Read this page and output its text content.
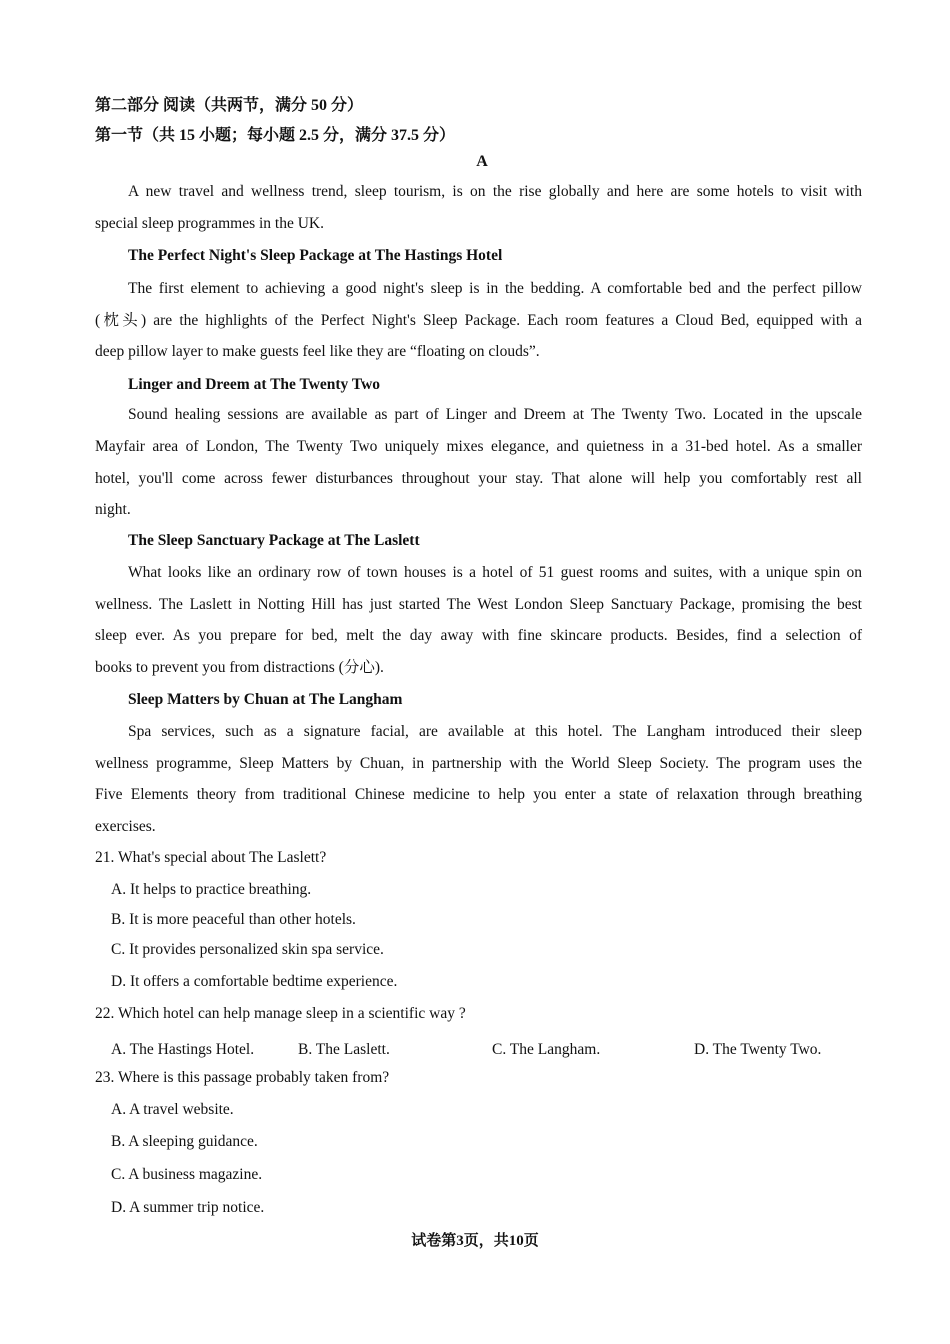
第二部分 阅读（共两节，满分 50 分）
第一节（共 15 小题；每小题 2.5 分，满分 37.5 分）
A
A new travel and wellness trend, sleep tourism, is on the rise globally and here are some hotels to visit with
special sleep programmes in the UK.
The Perfect Night's Sleep Package at The Hastings Hotel
The first element to achieving a good night's sleep is in the bedding. A comfortable bed and the perfect pillow
(枕头) are the highlights of the Perfect Night's Sleep Package. Each room features a Cloud Bed, equipped with a
deep pillow layer to make guests feel like they are “floating on clouds”.
Linger and Dreem at The Twenty Two
Sound healing sessions are available as part of Linger and Dreem at The Twenty Two. Located in the upscale
Mayfair area of London, The Twenty Two uniquely mixes elegance, and quietness in a 31-bed hotel. As a smaller
hotel, you'll come across fewer disturbances throughout your stay. That alone will help you comfortably rest all
night.
The Sleep Sanctuary Package at The Laslett
What looks like an ordinary row of town houses is a hotel of 51 guest rooms and suites, with a unique spin on
wellness. The Laslett in Notting Hill has just started The West London Sleep Sanctuary Package, promising the best
sleep ever. As you prepare for bed, melt the day away with fine skincare products. Besides, find a selection of
books to prevent you from distractions (分心).
Sleep Matters by Chuan at The Langham
Spa services, such as a signature facial, are available at this hotel. The Langham introduced their sleep
wellness programme, Sleep Matters by Chuan, in partnership with the World Sleep Society. The program uses the
Five Elements theory from traditional Chinese medicine to help you enter a state of relaxation through breathing
exercises.
21. What's special about The Laslett?
A. It helps to practice breathing.
B. It is more peaceful than other hotels.
C. It provides personalized skin spa service.
D. It offers a comfortable bedtime experience.
22. Which hotel can help manage sleep in a scientific way ?
A. The Hastings Hotel.	B. The Laslett.	C. The Langham.	D. The Twenty Two.
23. Where is this passage probably taken from?
A. A travel website.
B. A sleeping guidance.
C. A business magazine.
D. A summer trip notice.
试卷第3页，共10页
